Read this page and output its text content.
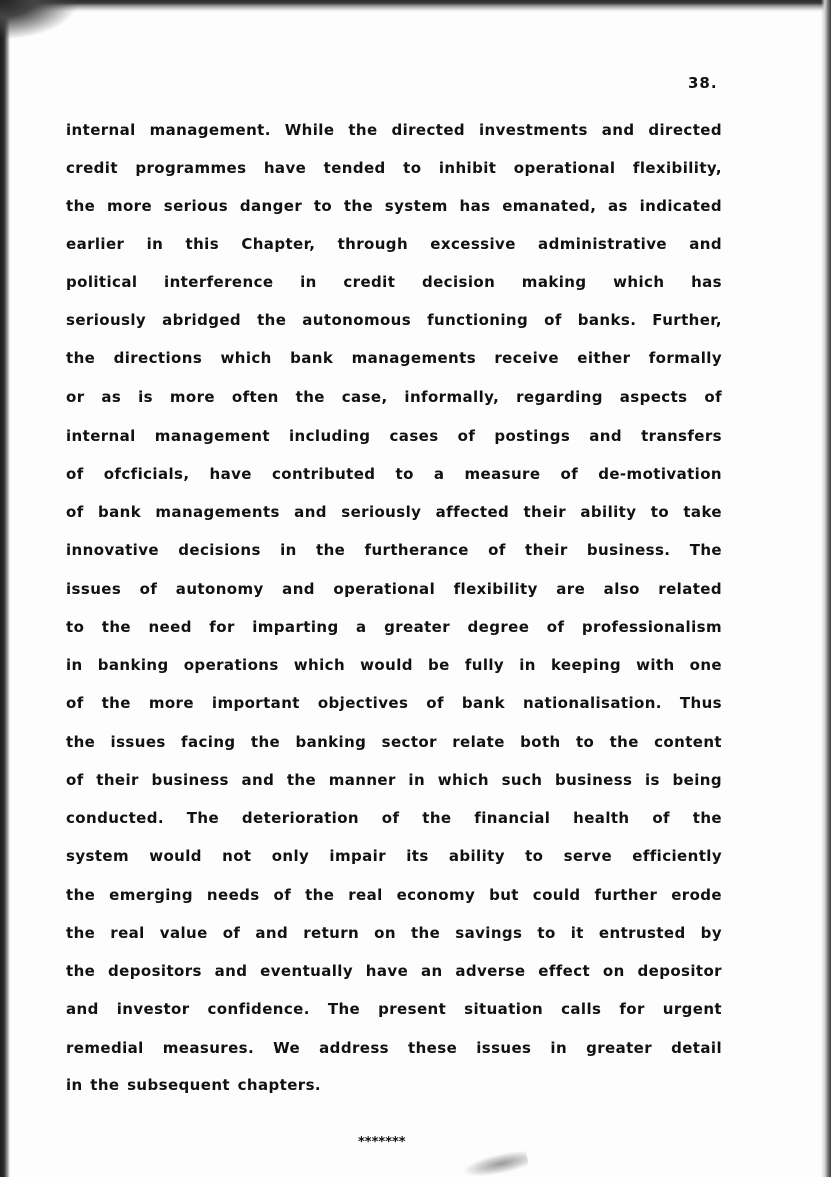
38.
internal management. While the directed investments and directed
credit programmes have tended to inhibit operational flexibility,
the more serious danger to the system has emanated, as indicated
earlier in this Chapter, through excessive administrative and
political interference in credit decision making which has
seriously abridged the autonomous functioning of banks. Further,
the directions which bank managements receive either formally
or as is more often the case, informally, regarding aspects of
internal management including cases of postings and transfers
of ofcficials, have contributed to a measure of de-motivation
of bank managements and seriously affected their ability to take
innovative decisions in the furtherance of their business. The
issues of autonomy and operational flexibility are also related
to the need for imparting a greater degree of professionalism
in banking operations which would be fully in keeping with one
of the more important objectives of bank nationalisation. Thus
the issues facing the banking sector relate both to the content
of their business and the manner in which such business is being
conducted. The deterioration of the financial health of the
system would not only impair its ability to serve efficiently
the emerging needs of the real economy but could further erode
the real value of and return on the savings to it entrusted by
the depositors and eventually have an adverse effect on depositor
and investor confidence. The present situation calls for urgent
remedial measures. We address these issues in greater detail
in the subsequent chapters.
*******
